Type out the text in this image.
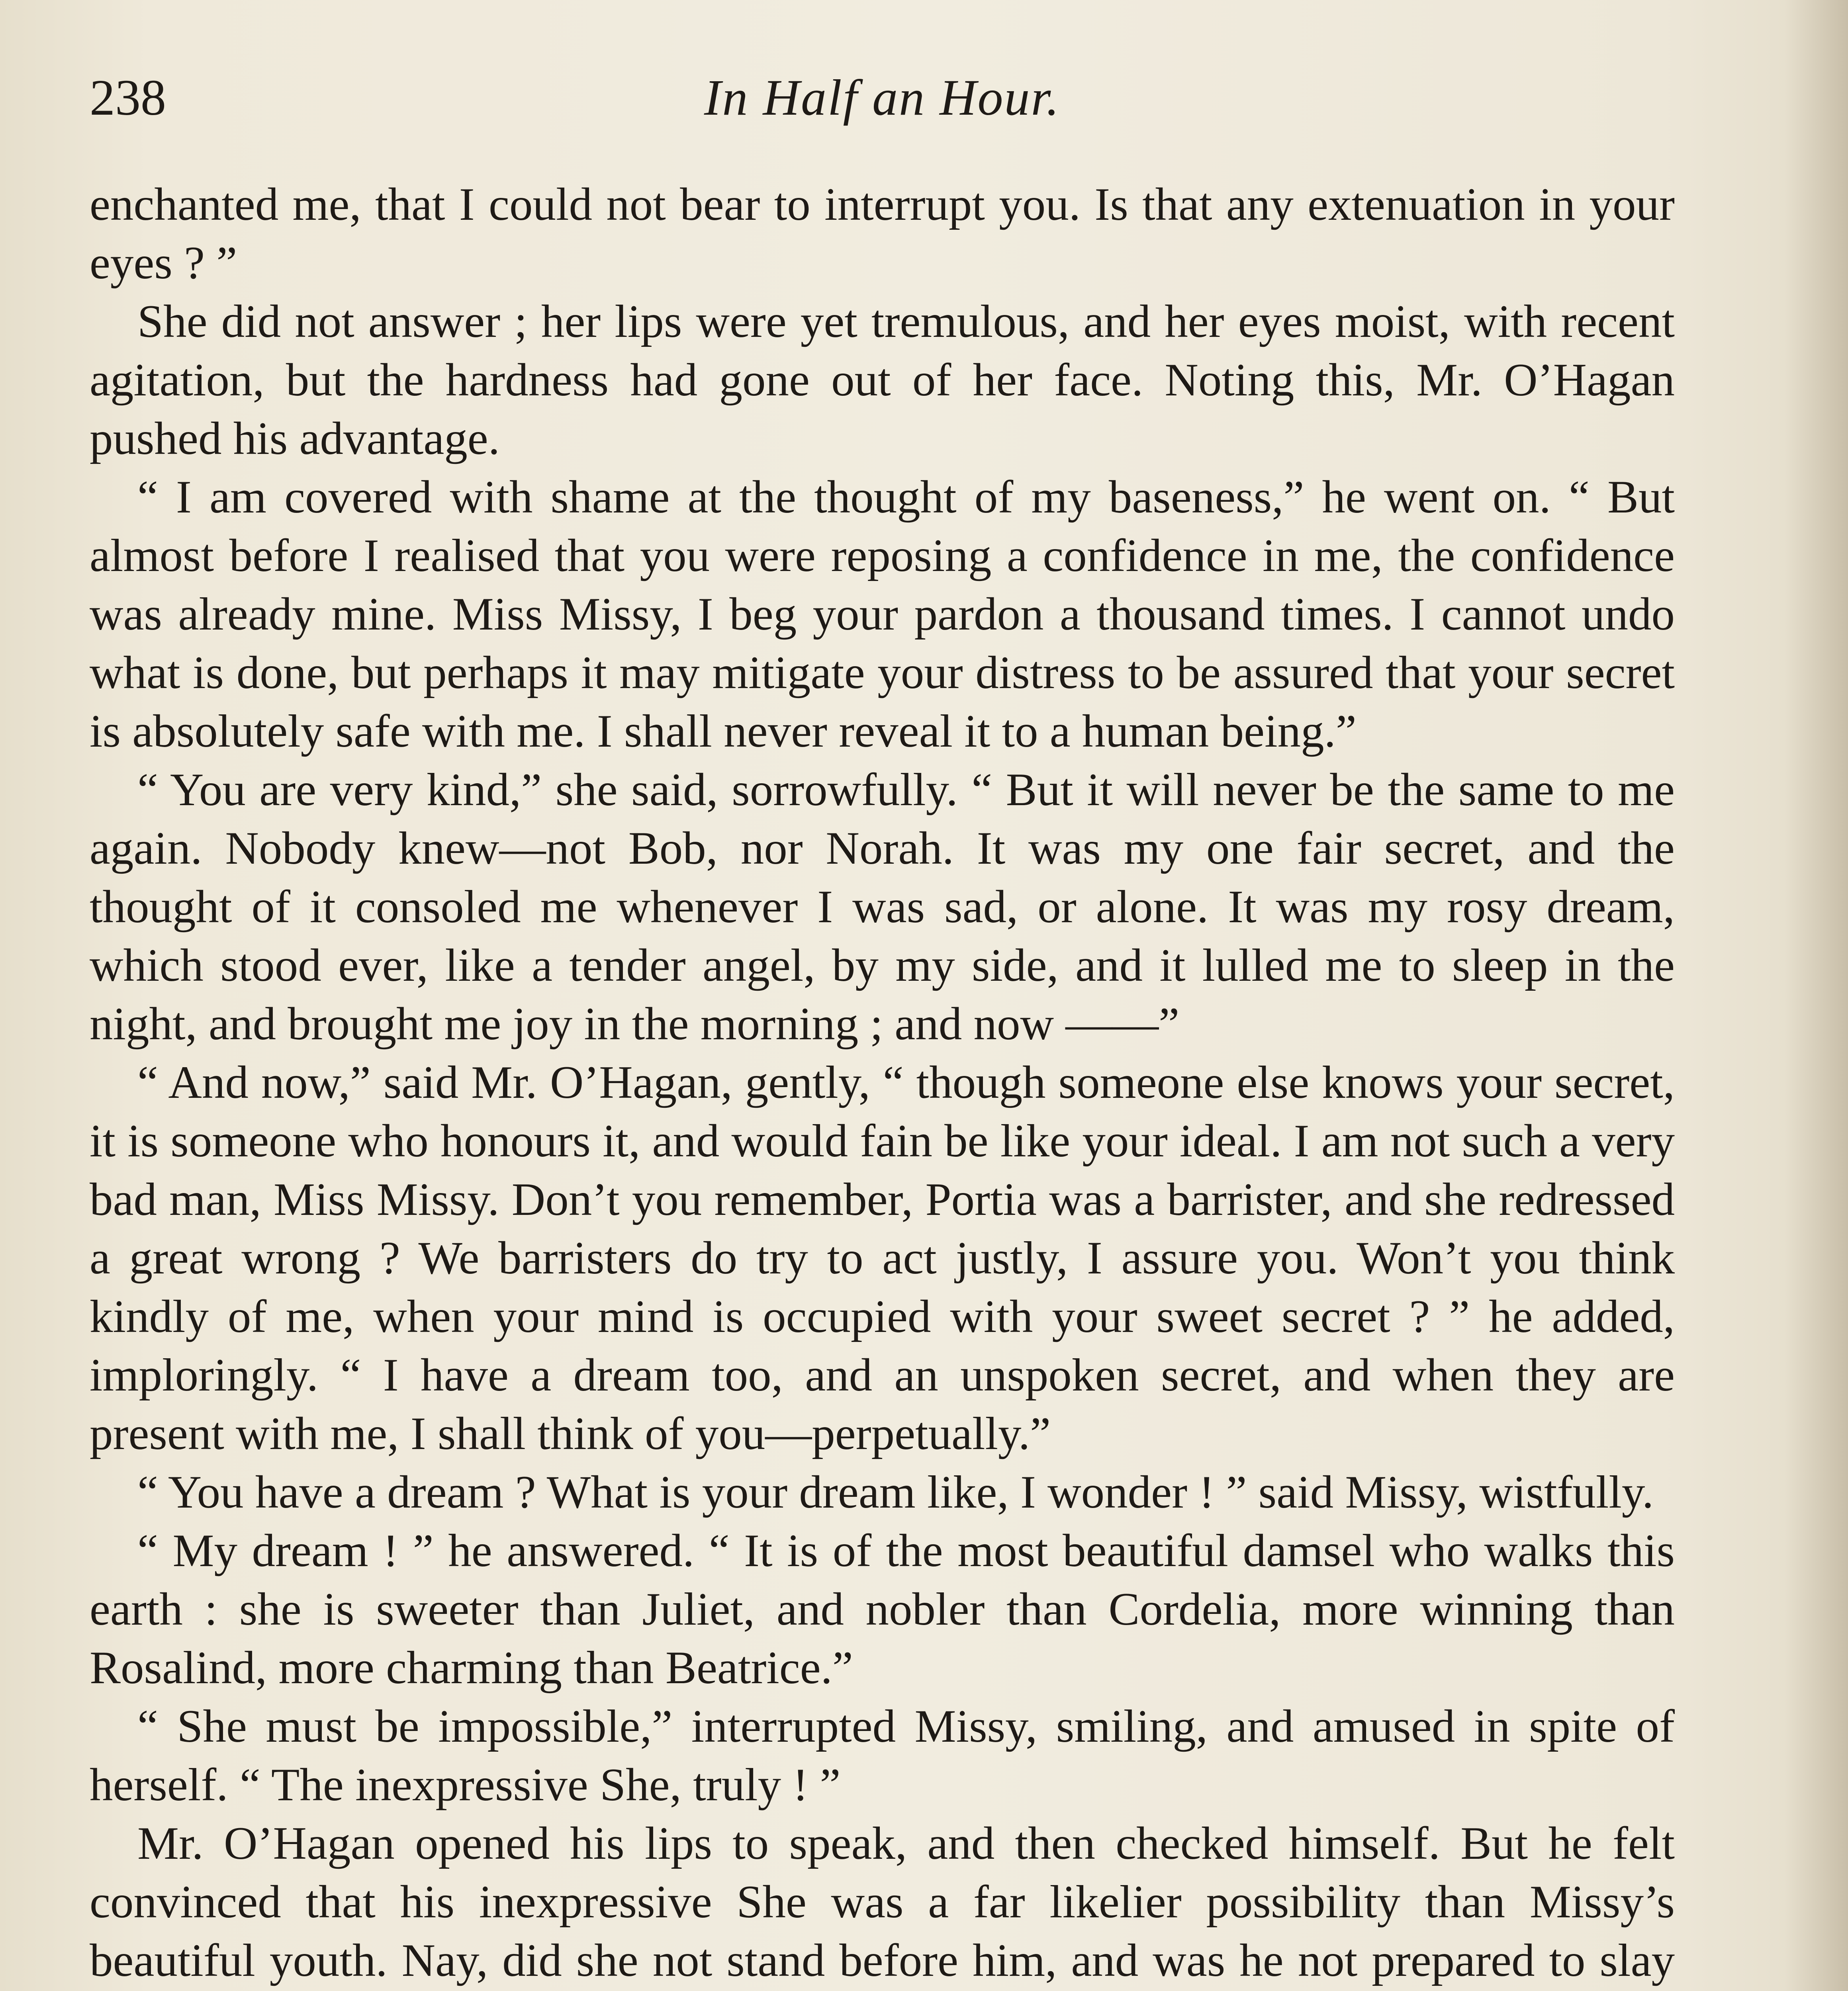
238	In Half an Hour.

enchanted me, that I could not bear to interrupt you. Is that any extenuation in your eyes ? ”

She did not answer ; her lips were yet tremulous, and her eyes moist, with recent agitation, but the hardness had gone out of her face. Noting this, Mr. O’Hagan pushed his advantage.

“ I am covered with shame at the thought of my baseness,” he went on. “ But almost before I realised that you were reposing a confidence in me, the confidence was already mine. Miss Missy, I beg your pardon a thousand times. I cannot undo what is done, but perhaps it may mitigate your distress to be assured that your secret is absolutely safe with me. I shall never reveal it to a human being.”

“ You are very kind,” she said, sorrowfully. “ But it will never be the same to me again. Nobody knew—not Bob, nor Norah. It was my one fair secret, and the thought of it consoled me whenever I was sad, or alone. It was my rosy dream, which stood ever, like a tender angel, by my side, and it lulled me to sleep in the night, and brought me joy in the morning ; and now ——”

“ And now,” said Mr. O’Hagan, gently, “ though someone else knows your secret, it is someone who honours it, and would fain be like your ideal. I am not such a very bad man, Miss Missy. Don’t you remember, Portia was a barrister, and she redressed a great wrong ? We barristers do try to act justly, I assure you. Won’t you think kindly of me, when your mind is occupied with your sweet secret ? ” he added, imploringly. “ I have a dream too, and an unspoken secret, and when they are present with me, I shall think of you—perpetually.”

“ You have a dream ? What is your dream like, I wonder ! ” said Missy, wistfully.

“ My dream ! ” he answered. “ It is of the most beautiful damsel who walks this earth : she is sweeter than Juliet, and nobler than Cordelia, more winning than Rosalind, more charming than Beatrice.”

“ She must be impossible,” interrupted Missy, smiling, and amused in spite of herself. “ The inexpressive She, truly ! ”

Mr. O’Hagan opened his lips to speak, and then checked himself. But he felt convinced that his inexpressive She was a far likelier possibility than Missy’s beautiful youth. Nay, did she not stand before him, and was he not prepared to slay
